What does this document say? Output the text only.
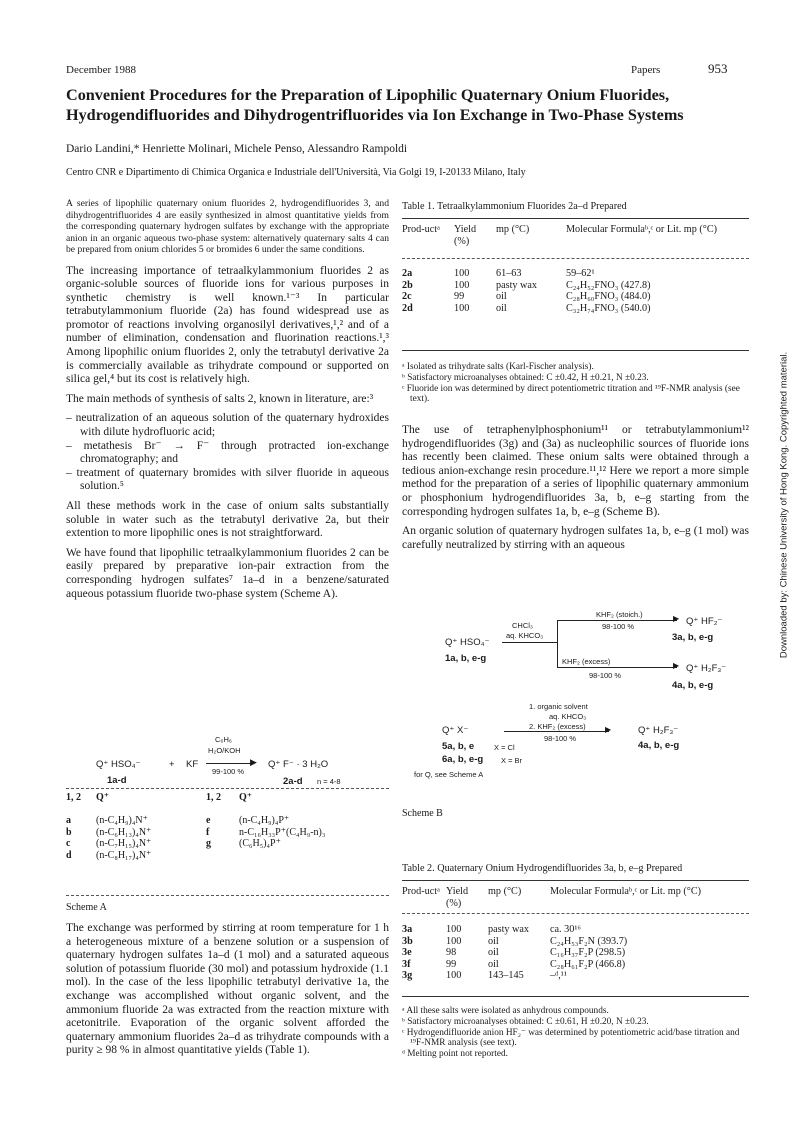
December 1988	Papers	953
Convenient Procedures for the Preparation of Lipophilic Quaternary Onium Fluorides, Hydrogendifluorides and Dihydrogentrifluorides via Ion Exchange in Two-Phase Systems
Dario Landini,* Henriette Molinari, Michele Penso, Alessandro Rampoldi
Centro CNR e Dipartimento di Chimica Organica e Industriale dell'Università, Via Golgi 19, I-20133 Milano, Italy

A series of lipophilic quaternary onium fluorides 2, hydrogendifluorides 3, and dihydrogentrifluorides 4 are easily synthesized in almost quantitative yields from the corresponding quaternary hydrogen sulfates by exchange with the appropriate anion in an organic aqueous two-phase system: alternatively quaternary salts 4 can be prepared from onium chlorides 5 or bromides 6 under the same conditions.

The increasing importance of tetraalkylammonium fluorides 2 as organic-soluble sources of fluoride ions for various purposes in synthetic chemistry is well known.¹⁻³ In particular tetrabutylammonium fluoride (2a) has found widespread use as promotor of reactions involving organosilyl derivatives,¹,² and of a number of elimination, condensation and fluorination reactions.¹,³ Among lipophilic onium fluorides 2, only the tetrabutyl derivative 2a is commercially available as trihydrate compound or supported on silica gel,⁴ but its cost is relatively high.

The main methods of synthesis of salts 2, known in literature, are:³

– neutralization of an aqueous solution of the quaternary hydroxides with dilute hydrofluoric acid;

– metathesis Br⁻ → F⁻ through protracted ion-exchange chromatography; and

– treatment of quaternary bromides with silver fluoride in aqueous solution.⁵

All these methods work in the case of onium salts substantially soluble in water such as the tetrabutyl derivative 2a, but their extention to more lipophilic ones is not straightforward.

We have found that lipophilic tetraalkylammonium fluorides 2 can be easily prepared by preparative ion-pair extraction from the corresponding hydrogen sulfates⁷ 1a–d in a benzene/saturated aqueous potassium fluoride two-phase system (Scheme A).

C₆H₆
H₂O/KOH
Q⁺ HSO₄⁻	+ KF	▶
99-100 %
Q⁺ F⁻ · 3 H₂O
1a-d	2a-d n = 4-8
1, 2	Q⁺	1, 2	Q⁺

a	(n-C₄H₉)₄N⁺	e	(n-C₄H₉)₄P⁺
b	(n-C₆H₁₃)₄N⁺	f	n-C₁₆H₃₃P⁺(C₄H₉-n)₃
c	(n-C₇H₁₅)₄N⁺	g	(C₆H₅)₄P⁺
d	(n-C₈H₁₇)₄N⁺		
Scheme A

The exchange was performed by stirring at room temperature for 1 h a heterogeneous mixture of a benzene solution or a suspension of quaternary hydrogen sulfates 1a–d (1 mol) and a saturated aqueous solution of potassium fluoride (30 mol) and potassium hydroxide (1.1 mol). In the case of the less lipophilic tetrabutyl derivative 1a, the exchange was accomplished without organic solvent, and the ammonium fluoride 2a was extracted from the reaction mixture with acetonitrile. Evaporation of the organic solvent afforded the quaternary ammonium fluorides 2a–d as trihydrate compounds with a purity ≥ 98 % in almost quantitative yields (Table 1).

Table 1. Tetraalkylammonium Fluorides 2a–d Prepared
Prod-uctᵃ	Yield (%)	mp (°C)	Molecular Formulaᵇ,ᶜ or Lit. mp (°C)

2a	100	61–63	59–62¹
2b	100	pasty wax	C₂₄H₅₂FNO₃ (427.8)
2c	99	oil	C₂₈H₆₀FNO₃ (484.0)
2d	100	oil	C₃₂H₇₄FNO₃ (540.0)
ᵃ Isolated as trihydrate salts (Karl-Fischer analysis).
ᵇ Satisfactory microanalyses obtained: C ±0.42, H ±0.21, N ±0.23.
ᶜ Fluoride ion was determined by direct potentiometric titration and ¹⁹F-NMR analysis (see text).

The use of tetraphenylphosphonium¹¹ or tetrabutylammonium¹² hydrogendifluorides (3g) and (3a) as nucleophilic sources of fluoride ions has recently been claimed. These onium salts were obtained through a tedious anion-exchange resin procedure.¹¹,¹² Here we report a more simple method for the preparation of a series of lipophilic quaternary ammonium or phosphonium hydrogendifluorides 3a, b, e–g starting from the corresponding hydrogen sulfates 1a, b, e–g (Scheme B).

An organic solution of quaternary hydrogen sulfates 1a, b, e–g (1 mol) was carefully neutralized by stirring with an aqueous

KHF₂ (stoich.)
CHCl₃	98-100 %
aq. KHCO₃
▶
▶
Q⁺ HSO₄⁻
1a, b, e-g
Q⁺ HF₂⁻
3a, b, e-g
KHF₂ (excess)
98-100 %
Q⁺ H₂F₃⁻
4a, b, e-g
1. organic solvent
aq. KHCO₃
2. KHF₂ (excess) ▶
98-100 %
Q⁺ X⁻	Q⁺ H₂F₃⁻
4a, b, e-g
5a, b, e	X = Cl
6a, b, e-g X = Br
for Q, see Scheme A
Scheme B
Table 2. Quaternary Onium Hydrogendifluorides 3a, b, e–g Prepared
Prod-uctᵃ	Yield (%)	mp (°C)	Molecular Formulaᵇ,ᶜ or Lit. mp (°C)

3a	100	pasty wax	ca. 30¹⁶
3b	100	oil	C₂₄H₅₃F₂N (393.7)
3e	98	oil	C₁₆H₃₇F₂P (298.5)
3f	99	oil	C₂₈H₆₁F₂P (466.8)
3g	100	143–145	–ᵈ,¹¹
ᵃ All these salts were isolated as anhydrous compounds.
ᵇ Satisfactory microanalyses obtained: C ±0.61, H ±0.20, N ±0.23.
ᶜ Hydrogendifluoride anion HF₂⁻ was determined by potentiometric acid/base titration and ¹⁹F-NMR analysis (see text).
ᵈ Melting point not reported.
Downloaded by: Chinese University of Hong Kong. Copyrighted material.
